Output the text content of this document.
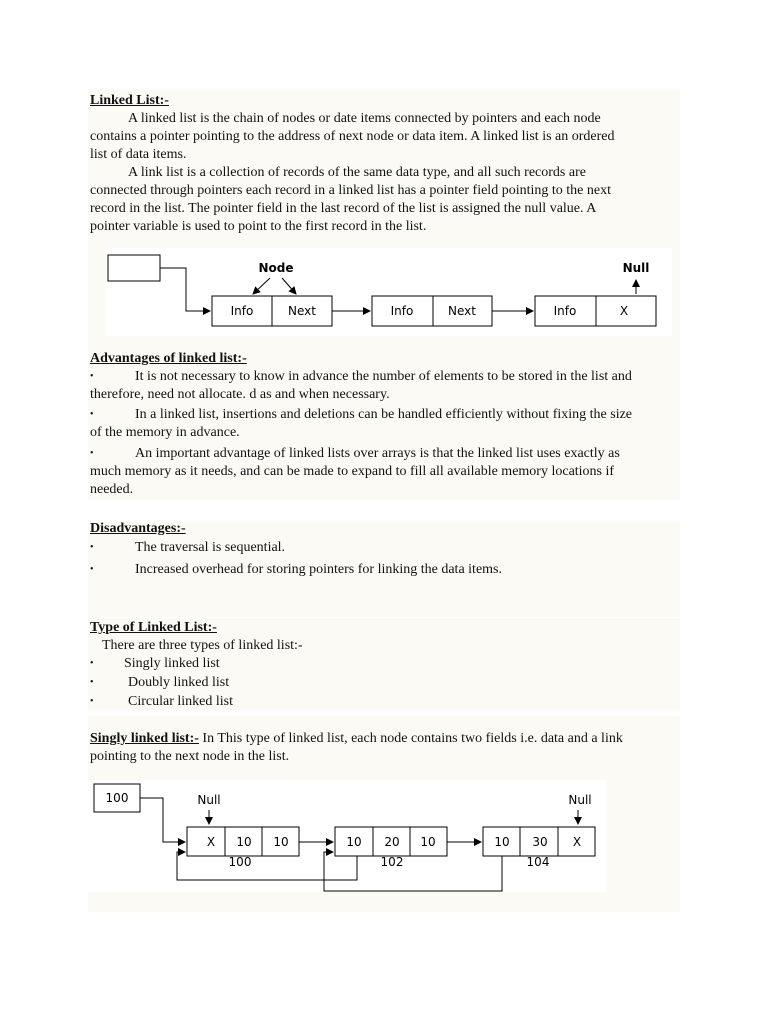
Linked List:-
A linked list is the chain of nodes or date items connected by pointers and each node
contains a pointer pointing to the address of next node or data item. A linked list is an ordered
list of data items.
A link list is a collection of records of the same data type, and all such records are
connected through pointers each record in a linked list has a pointer field pointing to the next
record in the list. The pointer field in the last record of the list is assigned the null value. A
pointer variable is used to point to the first record in the list.
Info	Next	Info	Next	Info	X
Node	Null
100	Null	Null
X 10 10
100
10 20 10
102
10 30 X
104
Advantages of linked list:-
•	It is not necessary to know in advance the number of elements to be stored in the list and
therefore, need not allocate. d as and when necessary.
•	In a linked list, insertions and deletions can be handled efficiently without fixing the size
of the memory in advance.
•	An important advantage of linked lists over arrays is that the linked list uses exactly as
much memory as it needs, and can be made to expand to fill all available memory locations if
needed.
Disadvantages:-
•	The traversal is sequential.
•	Increased overhead for storing pointers for linking the data items.
Type of Linked List:-
There are three types of linked list:-
• Singly linked list
• Doubly linked list
• Circular linked list
Singly linked list:- In This type of linked list, each node contains two fields i.e. data and a link
pointing to the next node in the list.
